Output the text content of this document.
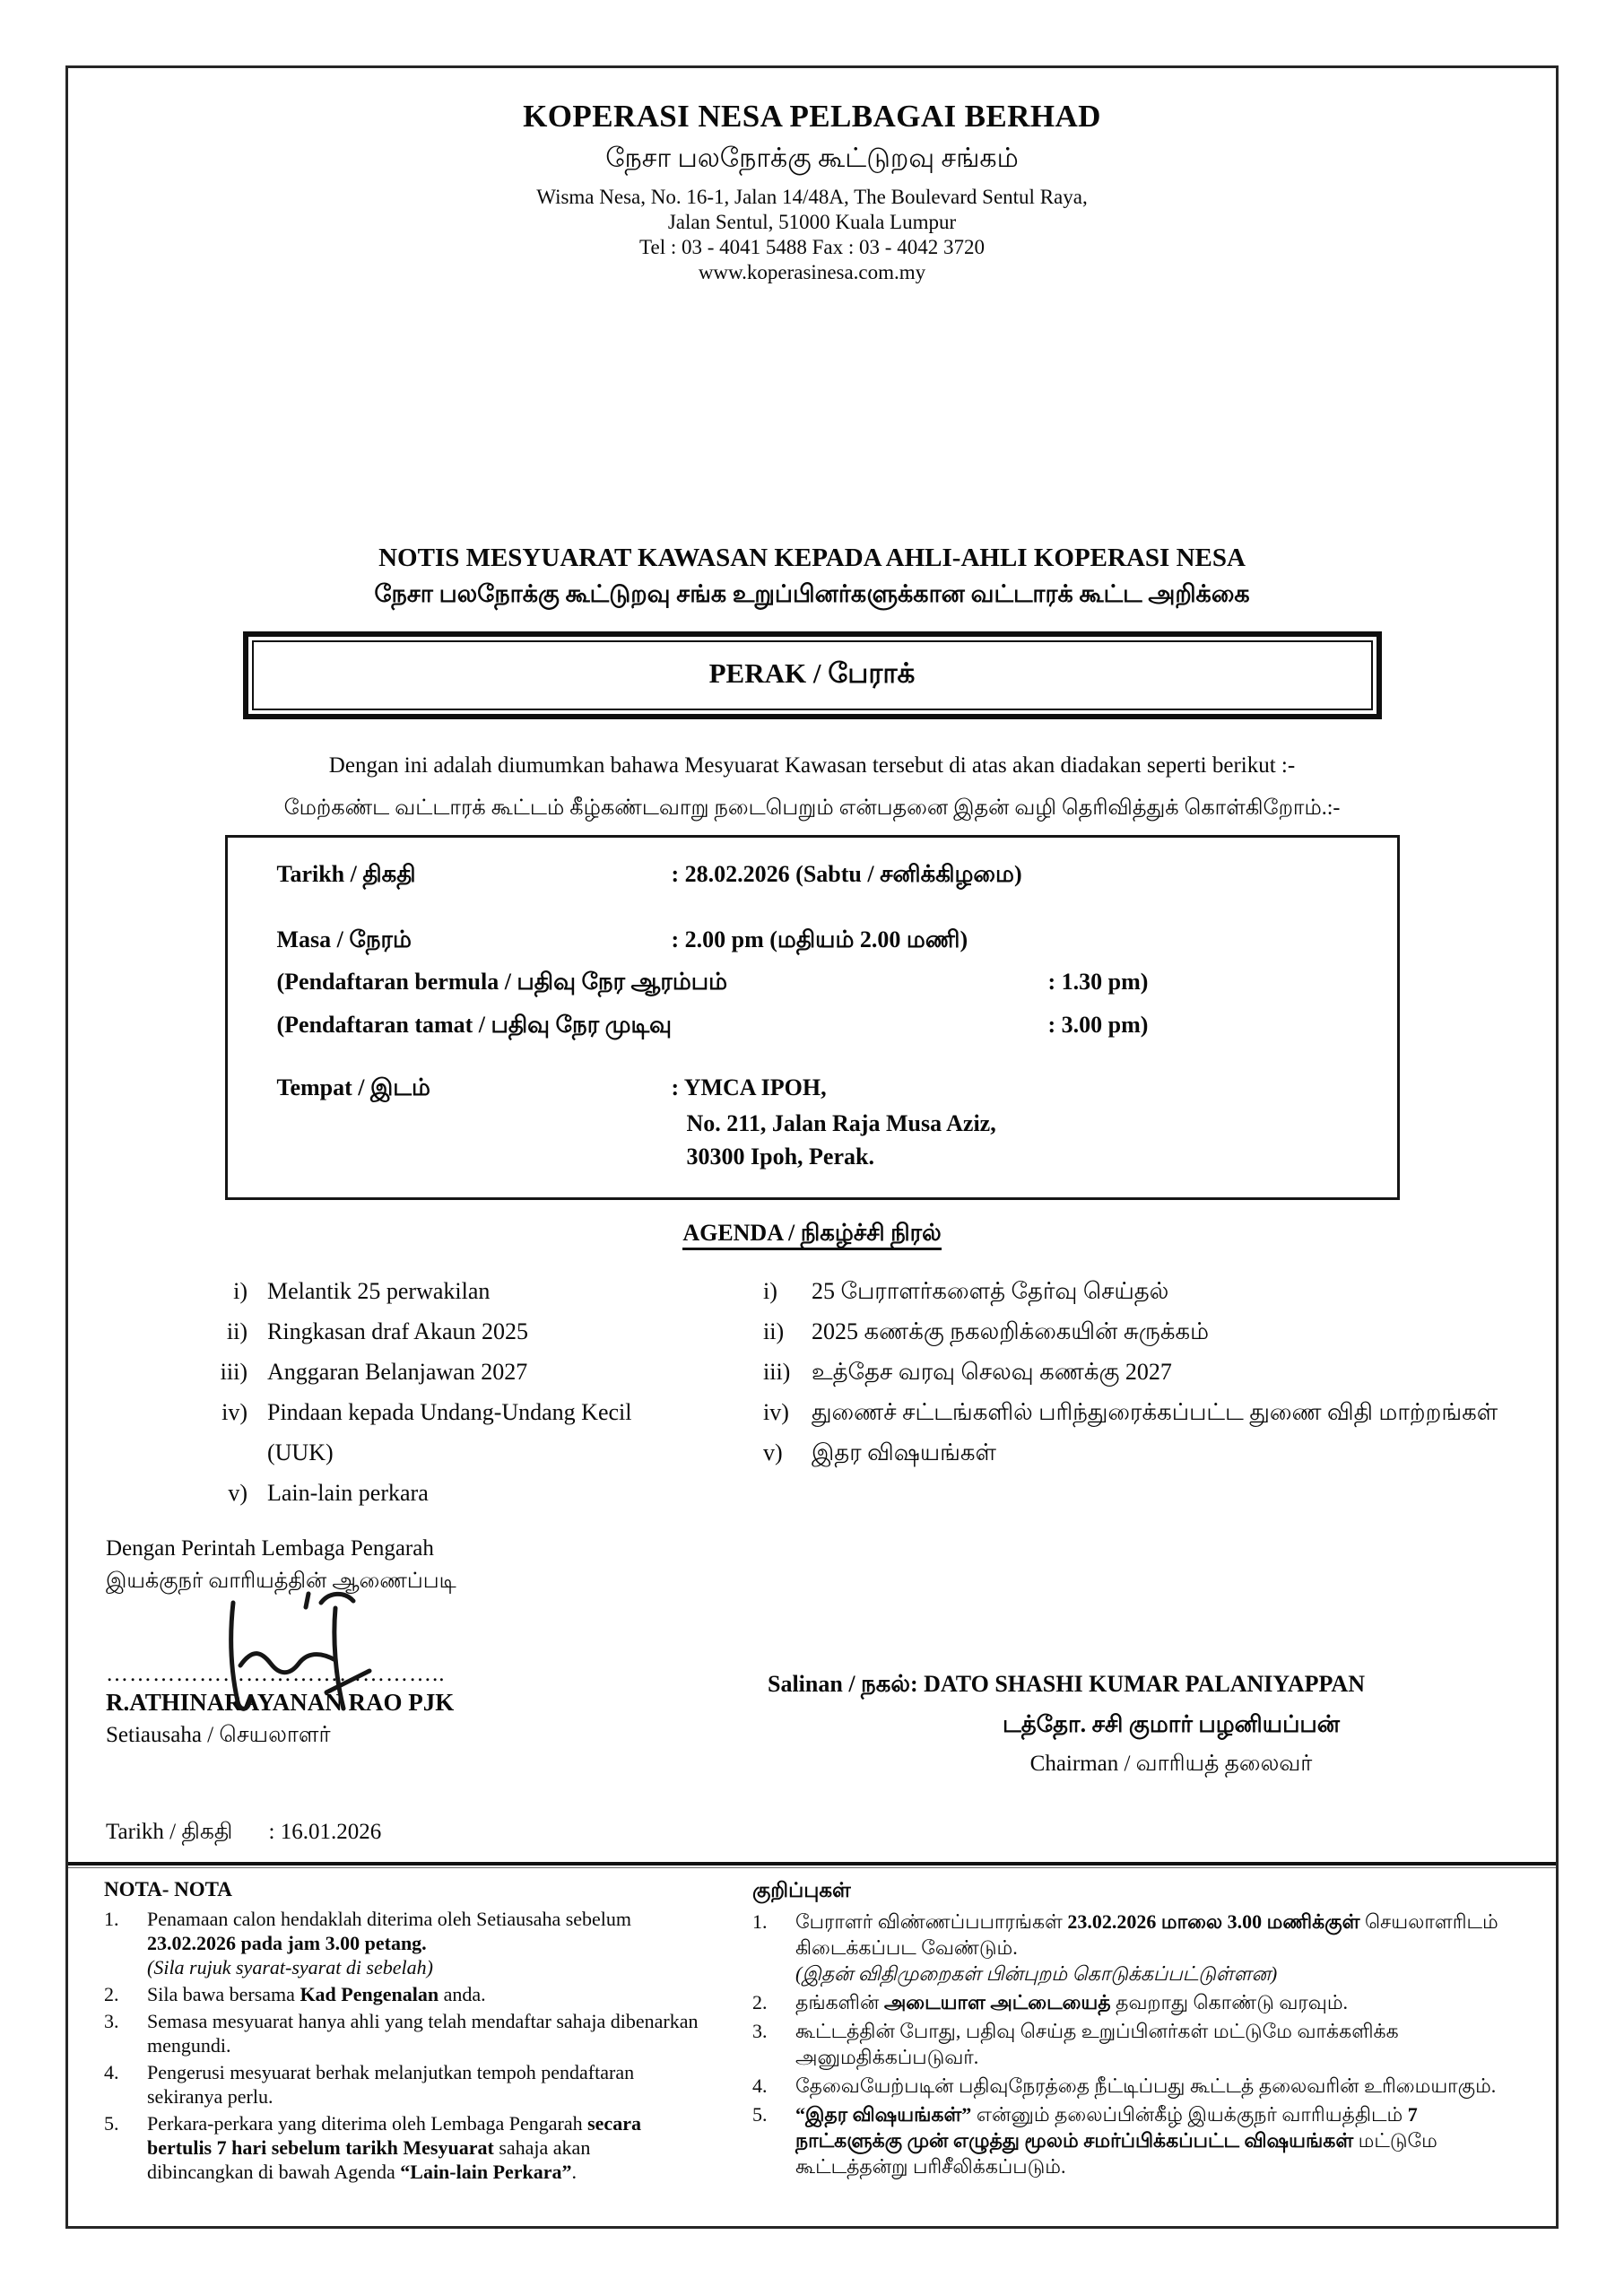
KOPERASI NESA PELBAGAI BERHAD
நேசா பலநோக்கு கூட்டுறவு சங்கம்
Wisma Nesa, No. 16-1, Jalan 14/48A, The Boulevard Sentul Raya,
Jalan Sentul, 51000 Kuala Lumpur
Tel : 03 - 4041 5488 Fax : 03 - 4042 3720
www.koperasinesa.com.my
NOTIS MESYUARAT KAWASAN KEPADA AHLI-AHLI KOPERASI NESA
நேசா பலநோக்கு கூட்டுறவு சங்க உறுப்பினர்களுக்கான வட்டாரக் கூட்ட அறிக்கை
PERAK / பேராக்
Dengan ini adalah diumumkan bahawa Mesyuarat Kawasan tersebut di atas akan diadakan seperti berikut :-
மேற்கண்ட வட்டாரக் கூட்டம் கீழ்கண்டவாறு நடைபெறும் என்பதனை இதன் வழி தெரிவித்துக் கொள்கிறோம்.:-
Tarikh / திகதி	: 28.02.2026 (Sabtu / சனிக்கிழமை)
Masa / நேரம்	: 2.00 pm (மதியம் 2.00 மணி)
(Pendaftaran bermula / பதிவு நேர ஆரம்பம்	: 1.30 pm)
(Pendaftaran tamat / பதிவு நேர முடிவு	: 3.00 pm)
Tempat / இடம்	: YMCA IPOH,
No. 211, Jalan Raja Musa Aziz,
30300 Ipoh, Perak.
AGENDA / நிகழ்ச்சி நிரல்
i) Melantik 25 perwakilan
ii) Ringkasan draf Akaun 2025
iii) Anggaran Belanjawan 2027
iv) Pindaan kepada Undang-Undang Kecil (UUK)
v) Lain-lain perkara
i)	25 பேராளர்களைத் தேர்வு செய்தல்
ii)	2025 கணக்கு நகலறிக்கையின் சுருக்கம்
iii) உத்தேச வரவு செலவு கணக்கு 2027
iv) துணைச் சட்டங்களில் பரிந்துரைக்கப்பட்ட துணை விதி மாற்றங்கள்
v)	இதர விஷயங்கள்
Dengan Perintah Lembaga Pengarah
இயக்குநர் வாரியத்தின் ஆணைப்படி
……………………………………..
R.ATHINARAYANAN RAO PJK
Setiausaha / செயலாளர்
Salinan / நகல்: DATO SHASHI KUMAR PALANIYAPPAN
டத்தோ. சசி குமார் பழனியப்பன்
Chairman / வாரியத் தலைவர்
Tarikh / திகதி : 16.01.2026
NOTA- NOTA
1.	Penamaan calon hendaklah diterima oleh Setiausaha sebelum 23.02.2026 pada jam 3.00 petang.
(Sila rujuk syarat-syarat di sebelah)
2.	Sila bawa bersama Kad Pengenalan anda.
3.	Semasa mesyuarat hanya ahli yang telah mendaftar sahaja dibenarkan mengundi.
4.	Pengerusi mesyuarat berhak melanjutkan tempoh pendaftaran sekiranya perlu.
5.	Perkara-perkara yang diterima oleh Lembaga Pengarah secara bertulis 7 hari sebelum tarikh Mesyuarat sahaja akan dibincangkan di bawah Agenda “Lain-lain Perkara”.
குறிப்புகள்
1.	பேராளர் விண்ணப்பபாரங்கள் 23.02.2026 மாலை 3.00 மணிக்குள் செயலாளரிடம் கிடைக்கப்பட வேண்டும்.
(இதன் விதிமுறைகள் பின்புறம் கொடுக்கப்பட்டுள்ளன)
2.	தங்களின் அடையாள அட்டையைத் தவறாது கொண்டு வரவும்.
3.	கூட்டத்தின் போது, பதிவு செய்த உறுப்பினர்கள் மட்டுமே வாக்களிக்க அனுமதிக்கப்படுவர்.
4.	தேவையேற்படின் பதிவுநேரத்தை நீட்டிப்பது கூட்டத் தலைவரின் உரிமையாகும்.
5.	“இதர விஷயங்கள்” என்னும் தலைப்பின்கீழ் இயக்குநர் வாரியத்திடம் 7 நாட்களுக்கு முன் எழுத்து மூலம் சமர்ப்பிக்கப்பட்ட விஷயங்கள் மட்டுமே கூட்டத்தன்று பரிசீலிக்கப்படும்.
